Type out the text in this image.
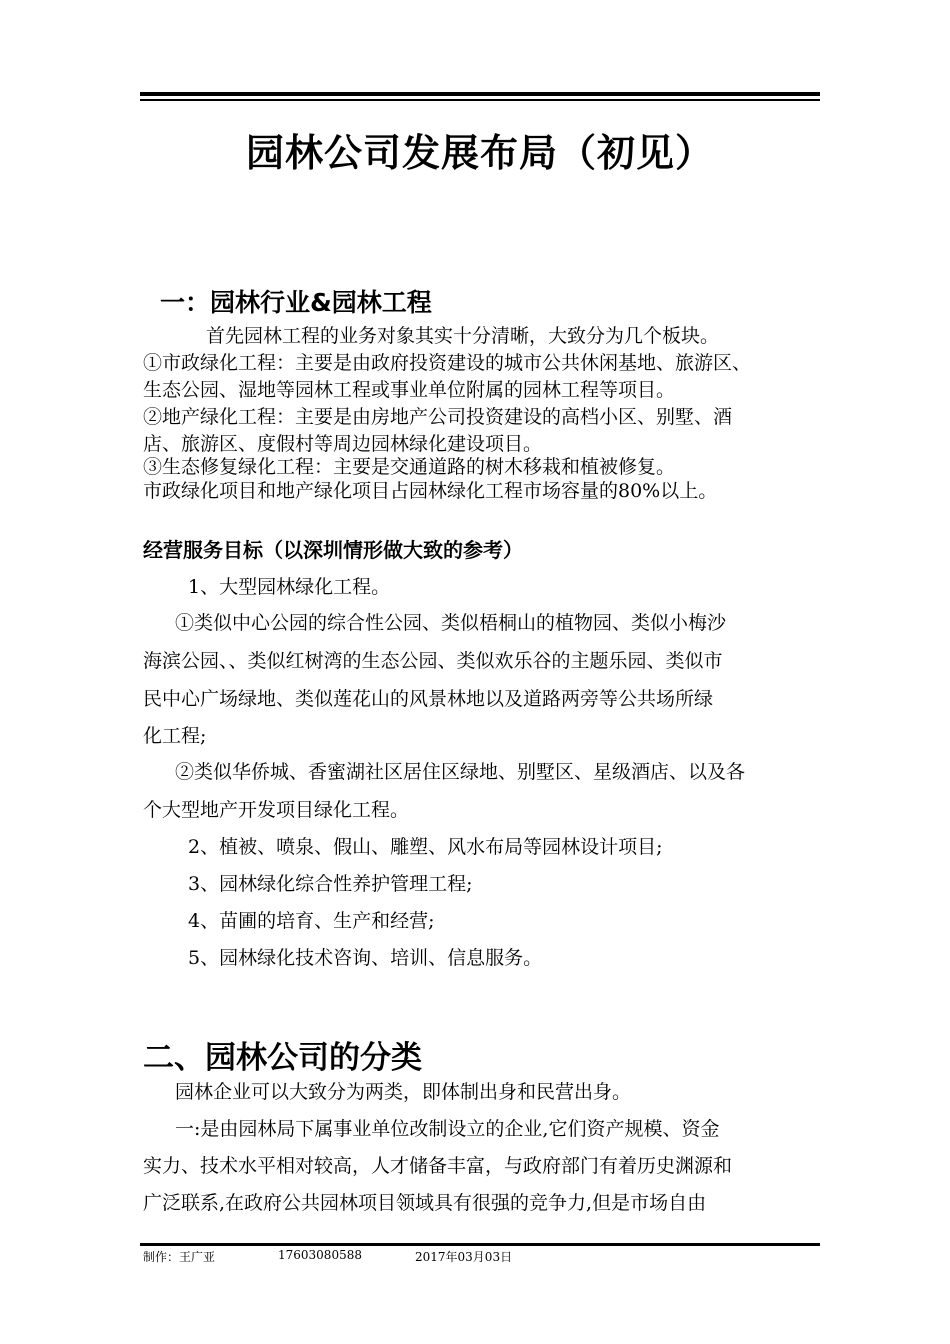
园林公司发展布局（初见）
一：园林行业&园林工程
首先园林工程的业务对象其实十分清晰，大致分为几个板块。
①市政绿化工程：主要是由政府投资建设的城市公共休闲基地、旅游区、
生态公园、湿地等园林工程或事业单位附属的园林工程等项目。
②地产绿化工程：主要是由房地产公司投资建设的高档小区、别墅、酒
店、旅游区、度假村等周边园林绿化建设项目。
③生态修复绿化工程：主要是交通道路的树木移栽和植被修复。
市政绿化项目和地产绿化项目占园林绿化工程市场容量的80%以上。
经营服务目标（以深圳情形做大致的参考）
1、大型园林绿化工程。
①类似中心公园的综合性公园、类似梧桐山的植物园、类似小梅沙
海滨公园、、类似红树湾的生态公园、类似欢乐谷的主题乐园、类似市
民中心广场绿地、类似莲花山的风景林地以及道路两旁等公共场所绿
化工程;
②类似华侨城、香蜜湖社区居住区绿地、别墅区、星级酒店、以及各
个大型地产开发项目绿化工程。
2、植被、喷泉、假山、雕塑、风水布局等园林设计项目;
3、园林绿化综合性养护管理工程;
4、苗圃的培育、生产和经营;
5、园林绿化技术咨询、培训、信息服务。
二、园林公司的分类
园林企业可以大致分为两类，即体制出身和民营出身。
一:是由园林局下属事业单位改制设立的企业,它们资产规模、资金
实力、技术水平相对较高，人才储备丰富，与政府部门有着历史渊源和
广泛联系,在政府公共园林项目领域具有很强的竞争力,但是市场自由
制作：王广亚	17603080588	2017年03月03日
